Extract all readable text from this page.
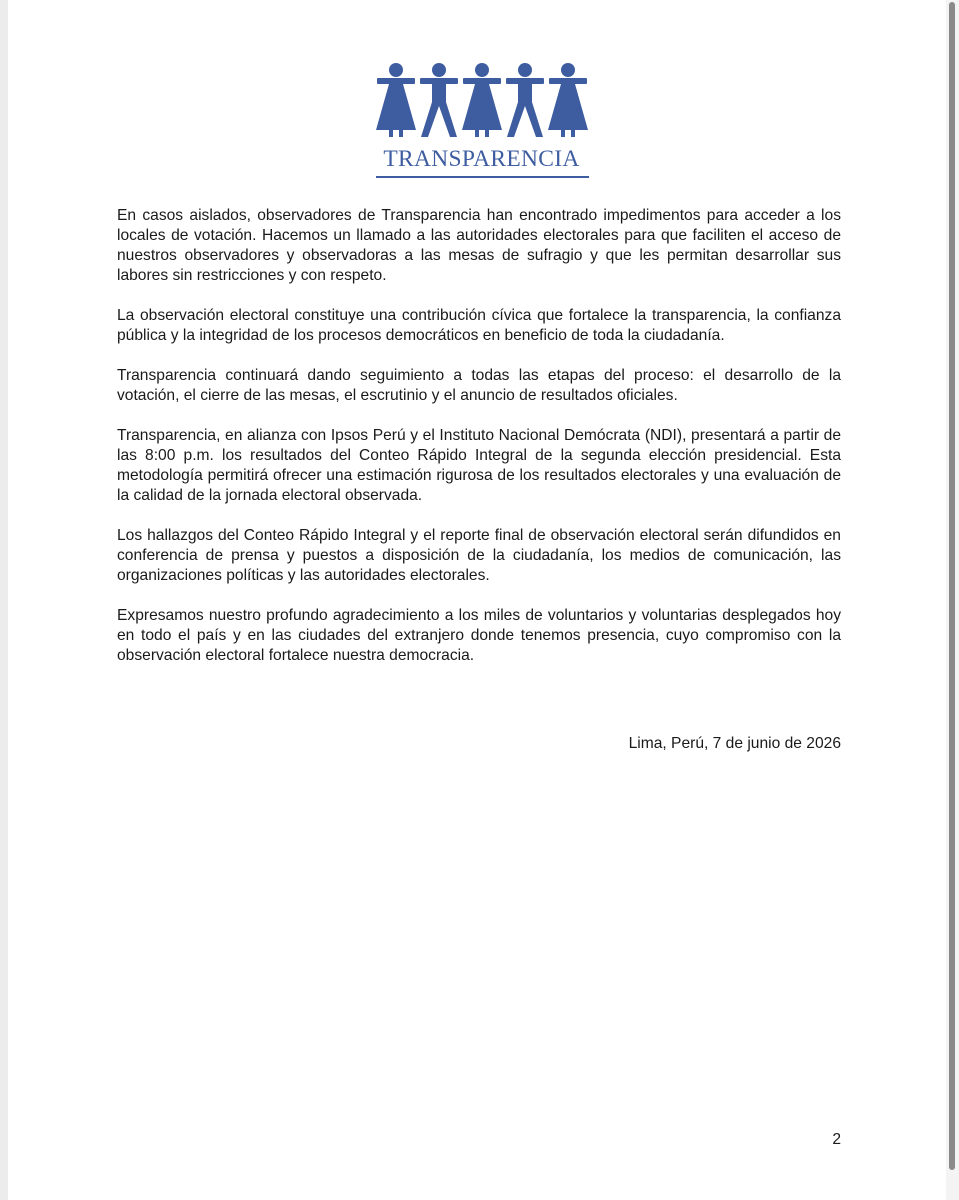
TRANSPARENCIA

En casos aislados, observadores de Transparencia han encontrado impedimentos para acceder a los locales de votación. Hacemos un llamado a las autoridades electorales para que faciliten el acceso de nuestros observadores y observadoras a las mesas de sufragio y que les permitan desarrollar sus labores sin restricciones y con respeto.

La observación electoral constituye una contribución cívica que fortalece la transparencia, la confianza pública y la integridad de los procesos democráticos en beneficio de toda la ciudadanía.

Transparencia continuará dando seguimiento a todas las etapas del proceso: el desarrollo de la votación, el cierre de las mesas, el escrutinio y el anuncio de resultados oficiales.

Transparencia, en alianza con Ipsos Perú y el Instituto Nacional Demócrata (NDI), presentará a partir de las 8:00 p.m. los resultados del Conteo Rápido Integral de la segunda elección presidencial. Esta metodología permitirá ofrecer una estimación rigurosa de los resultados electorales y una evaluación de la calidad de la jornada electoral observada.

Los hallazgos del Conteo Rápido Integral y el reporte final de observación electoral serán difundidos en conferencia de prensa y puestos a disposición de la ciudadanía, los medios de comunicación, las organizaciones políticas y las autoridades electorales.

Expresamos nuestro profundo agradecimiento a los miles de voluntarios y voluntarias desplegados hoy en todo el país y en las ciudades del extranjero donde tenemos presencia, cuyo compromiso con la observación electoral fortalece nuestra democracia.

Lima, Perú, 7 de junio de 2026
2
